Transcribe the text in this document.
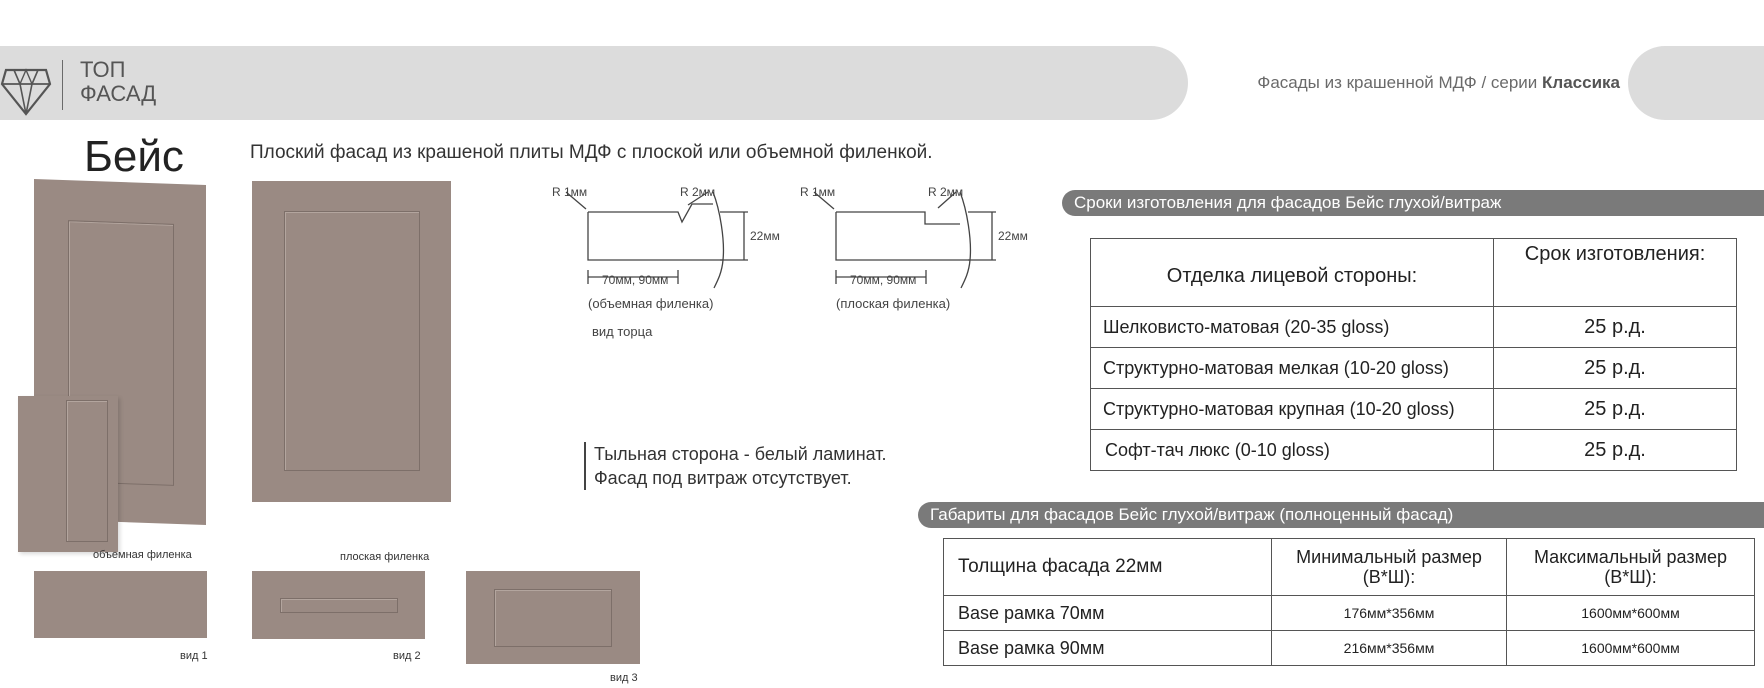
ТОП
ФАСАД	Фасады из крашенной МДФ / серии Классика
Бейс	Плоский фасад из крашеной плиты МДФ с плоской или объемной филенкой.
объемная филенка	плоская филенка
вид 1	вид 2
вид 3
R 1мм	R 2мм
22мм
70мм, 90мм
(объемная филенка)
вид торца
R 1мм	R 2мм
22мм
70мм, 90мм
(плоская филенка)
Тыльная сторона - белый ламинат.
Фасад под витраж отсутствует.
Сроки изготовления для фасадов Бейс глухой/витраж
Отделка лицевой стороны:	Срок изготовления:
Шелковисто-матовая (20-35 gloss)	25 р.д.
Структурно-матовая мелкая (10-20 gloss)	25 р.д.
Структурно-матовая крупная (10-20 gloss)	25 р.д.
Софт-тач люкс (0-10 gloss)	25 р.д.
Габариты для фасадов Бейс глухой/витраж (полноценный фасад)
Толщина фасада 22мм	Минимальный размер (В*Ш):	Максимальный размер (В*Ш):
Base рамка 70мм	176мм*356мм	1600мм*600мм
Base рамка 90мм	216мм*356мм	1600мм*600мм
